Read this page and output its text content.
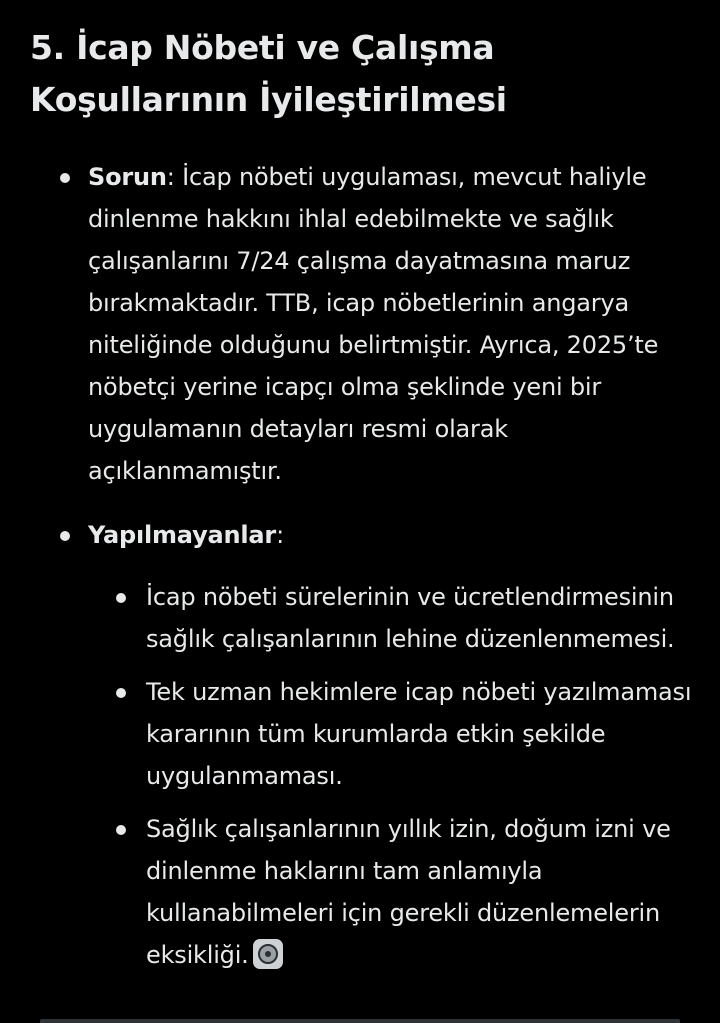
5. İcap Nöbeti ve Çalışma Koşullarının İyileştirilmesi
Sorun: İcap nöbeti uygulaması, mevcut haliyle dinlenme hakkını ihlal edebilmekte ve sağlık çalışanlarını 7/24 çalışma dayatmasına maruz bırakmaktadır. TTB, icap nöbetlerinin angarya niteliğinde olduğunu belirtmiştir. Ayrıca, 2025’te nöbetçi yerine icapçı olma şeklinde yeni bir uygulamanın detayları resmi olarak açıklanmamıştır.
Yapılmayanlar:
İcap nöbeti sürelerinin ve ücretlendirmesinin sağlık çalışanlarının lehine düzenlenmemesi.
Tek uzman hekimlere icap nöbeti yazılmaması kararının tüm kurumlarda etkin şekilde uygulanmaması.
Sağlık çalışanlarının yıllık izin, doğum izni ve dinlenme haklarını tam anlamıyla kullanabilmeleri için gerekli düzenlemelerin eksikliği.
